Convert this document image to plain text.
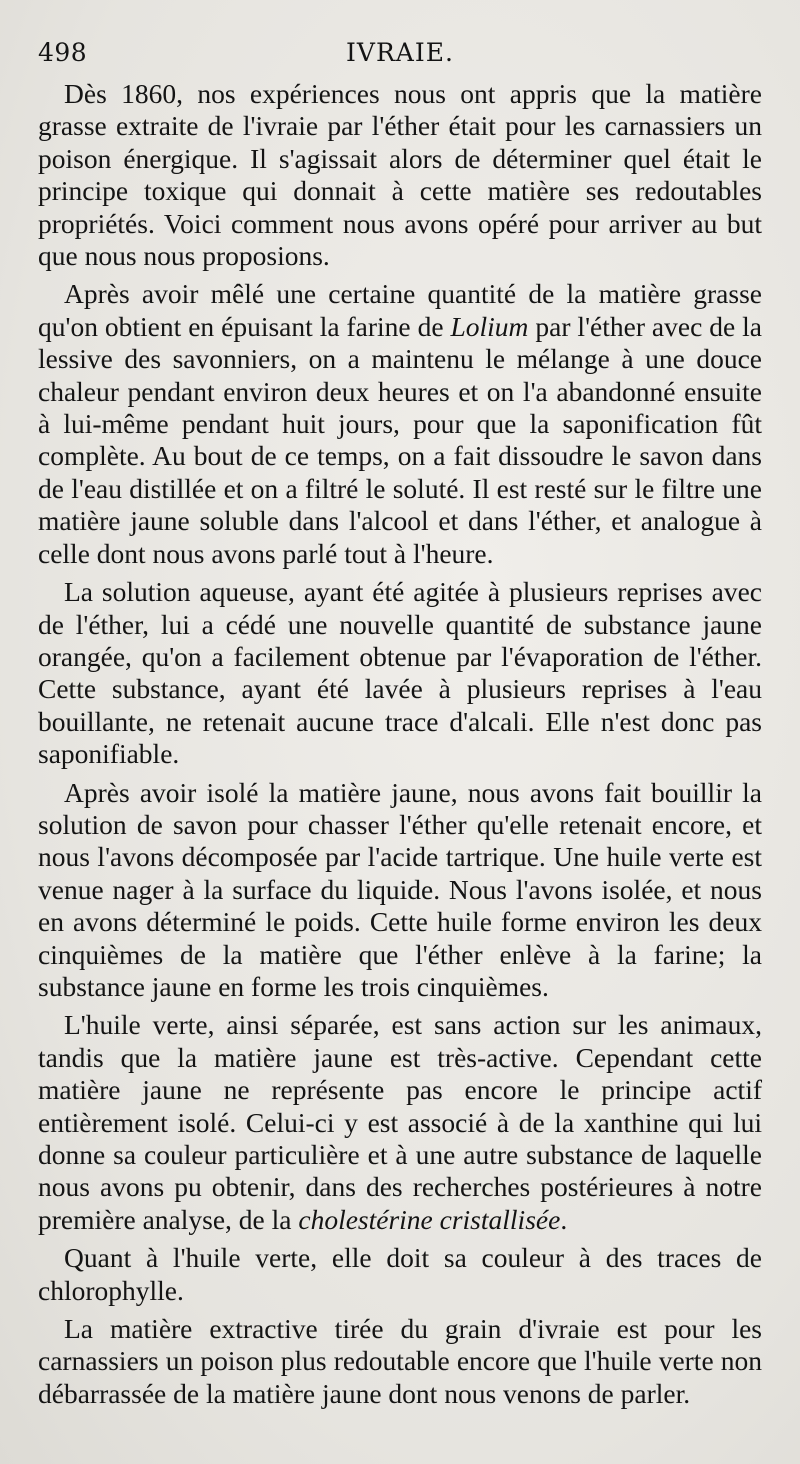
498	IVRAIE.

Dès 1860, nos expériences nous ont appris que la matière grasse extraite de l'ivraie par l'éther était pour les carnassiers un poison énergique. Il s'agissait alors de déterminer quel était le principe toxique qui donnait à cette matière ses redoutables propriétés. Voici comment nous avons opéré pour arriver au but que nous nous proposions.

Après avoir mêlé une certaine quantité de la matière grasse qu'on obtient en épuisant la farine de Lolium par l'éther avec de la lessive des savonniers, on a maintenu le mélange à une douce chaleur pendant environ deux heures et on l'a abandonné ensuite à lui-même pendant huit jours, pour que la saponification fût complète. Au bout de ce temps, on a fait dissoudre le savon dans de l'eau distillée et on a filtré le soluté. Il est resté sur le filtre une matière jaune soluble dans l'alcool et dans l'éther, et analogue à celle dont nous avons parlé tout à l'heure.

La solution aqueuse, ayant été agitée à plusieurs reprises avec de l'éther, lui a cédé une nouvelle quantité de substance jaune orangée, qu'on a facilement obtenue par l'évaporation de l'éther. Cette substance, ayant été lavée à plusieurs reprises à l'eau bouillante, ne retenait aucune trace d'alcali. Elle n'est donc pas saponifiable.

Après avoir isolé la matière jaune, nous avons fait bouillir la solution de savon pour chasser l'éther qu'elle retenait encore, et nous l'avons décomposée par l'acide tartrique. Une huile verte est venue nager à la surface du liquide. Nous l'avons isolée, et nous en avons déterminé le poids. Cette huile forme environ les deux cinquièmes de la matière que l'éther enlève à la farine; la substance jaune en forme les trois cinquièmes.

L'huile verte, ainsi séparée, est sans action sur les animaux, tandis que la matière jaune est très-active. Cependant cette matière jaune ne représente pas encore le principe actif entièrement isolé. Celui-ci y est associé à de la xanthine qui lui donne sa couleur particulière et à une autre substance de laquelle nous avons pu obtenir, dans des recherches postérieures à notre première analyse, de la cholestérine cristallisée.

Quant à l'huile verte, elle doit sa couleur à des traces de chlorophylle.

La matière extractive tirée du grain d'ivraie est pour les carnassiers un poison plus redoutable encore que l'huile verte non débarrassée de la matière jaune dont nous venons de parler.
